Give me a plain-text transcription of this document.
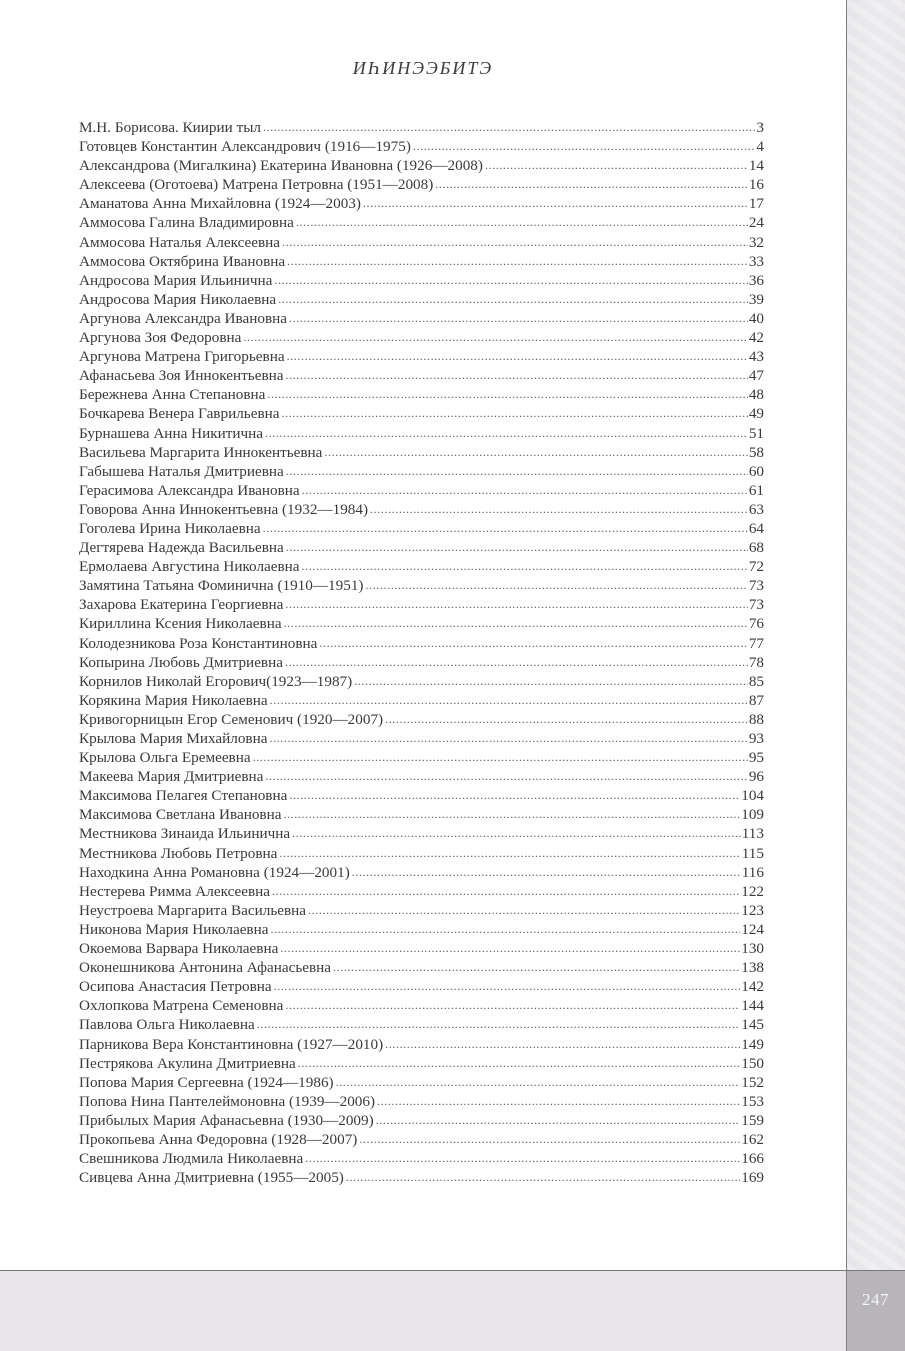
ИҺИНЭЭБИТЭ
М.Н. Борисова. Киирии тыл .....	3
Готовцев Константин Александрович (1916—1975) .....	4
Александрова (Мигалкина) Екатерина Ивановна (1926—2008) .....	14
Алексеева (Оготоева) Матрена Петровна (1951—2008) .....	16
Аманатова Анна Михайловна (1924—2003) .....	17
Аммосова Галина Владимировна .....	24
Аммосова Наталья Алексеевна .....	32
Аммосова Октябрина Ивановна .....	33
Андросова Мария Ильинична .....	36
Андросова Мария Николаевна .....	39
Аргунова Александра Ивановна .....	40
Аргунова Зоя Федоровна .....	42
Аргунова Матрена Григорьевна .....	43
Афанасьева Зоя Иннокентьевна .....	47
Бережнева Анна Степановна .....	48
Бочкарева Венера Гаврильевна .....	49
Бурнашева Анна Никитична .....	51
Васильева Маргарита Иннокентьевна .....	58
Габышева Наталья Дмитриевна .....	60
Герасимова Александра Ивановна .....	61
Говорова Анна Иннокентьевна (1932—1984) .....	63
Гоголева Ирина Николаевна .....	64
Дегтярева Надежда Васильевна .....	68
Ермолаева Августина Николаевна .....	72
Замятина Татьяна Фоминична (1910—1951) .....	73
Захарова Екатерина Георгиевна .....	73
Кириллина Ксения Николаевна .....	76
Колодезникова Роза Константиновна .....	77
Копырина Любовь Дмитриевна .....	78
Корнилов Николай Егорович(1923—1987) .....	85
Корякина Мария Николаевна .....	87
Кривогорницын Егор Семенович (1920—2007) .....	88
Крылова Мария Михайловна .....	93
Крылова Ольга Еремеевна .....	95
Макеева Мария Дмитриевна .....	96
Максимова Пелагея Степановна .....	104
Максимова Светлана Ивановна .....	109
Местникова Зинаида Ильинична .....	113
Местникова Любовь Петровна .....	115
Находкина Анна Романовна (1924—2001) .....	116
Нестерева Римма Алексеевна .....	122
Неустроева Маргарита Васильевна .....	123
Никонова Мария Николаевна .....	124
Окоемова Варвара Николаевна .....	130
Оконешникова Антонина Афанасьевна .....	138
Осипова Анастасия Петровна .....	142
Охлопкова Матрена Семеновна .....	144
Павлова Ольга Николаевна .....	145
Парникова Вера Константиновна (1927—2010) .....	149
Пестрякова Акулина Дмитриевна .....	150
Попова Мария Сергеевна (1924—1986) .....	152
Попова Нина Пантелеймоновна (1939—2006) .....	153
Прибылых Мария Афанасьевна (1930—2009) .....	159
Прокопьева Анна Федоровна (1928—2007) .....	162
Свешникова Людмила Николаевна .....	166
Сивцева Анна Дмитриевна (1955—2005) .....	169
247
